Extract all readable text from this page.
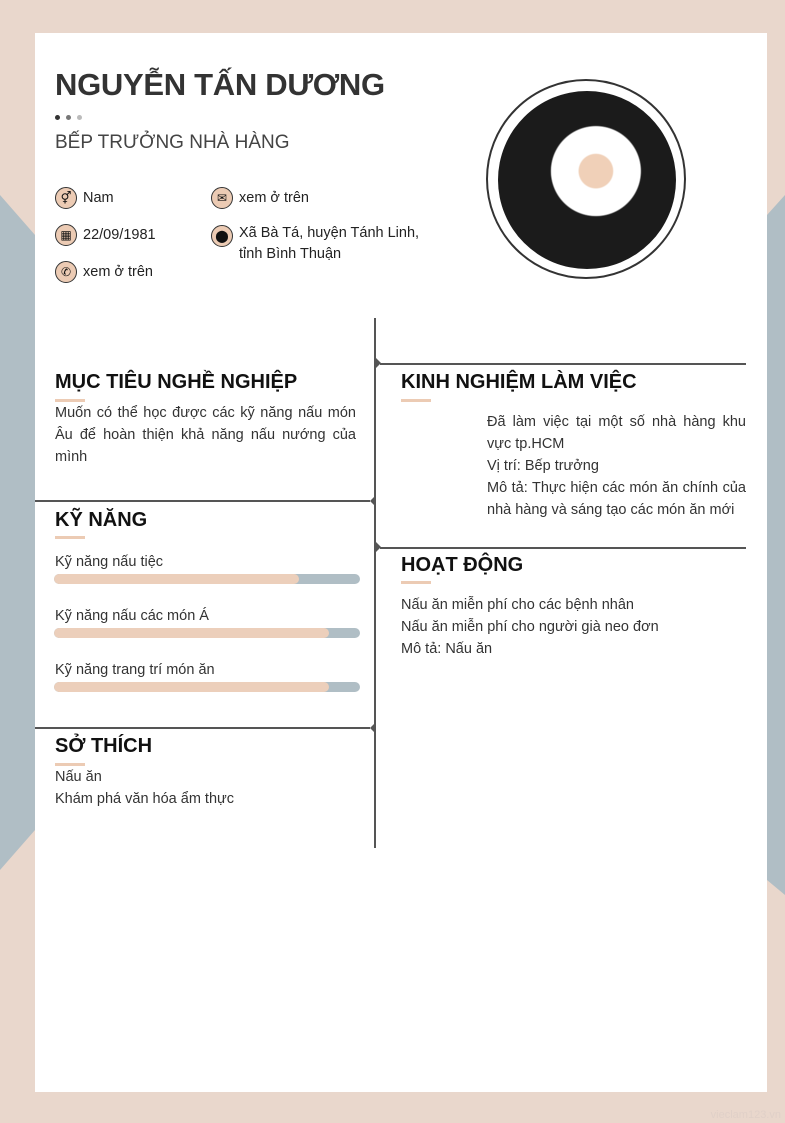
NGUYỄN TẤN DƯƠNG
BẾP TRƯỞNG NHÀ HÀNG
⚥ Nam
▦ 22/09/1981
✆ xem ở trên
✉ xem ở trên
⬤ Xã Bà Tá, huyện Tánh Linh, tỉnh Bình Thuận
MỤC TIÊU NGHỀ NGHIỆP
Muốn có thể học được các kỹ năng nấu món Âu để hoàn thiện khả năng nấu nướng của mình
KỸ NĂNG
Kỹ năng nấu tiệc
Kỹ năng nấu các món Á
Kỹ năng trang trí món ăn
SỞ THÍCH
Nấu ăn
Khám phá văn hóa ẩm thực
KINH NGHIỆM LÀM VIỆC
Đã làm việc tại một số nhà hàng khu vực tp.HCM
Vị trí: Bếp trưởng
Mô tả: Thực hiện các món ăn chính của nhà hàng và sáng tạo các món ăn mới
HOẠT ĐỘNG
Nấu ăn miễn phí cho các bệnh nhân
Nấu ăn miễn phí cho người già neo đơn
Mô tả: Nấu ăn
vieclam123.vn
